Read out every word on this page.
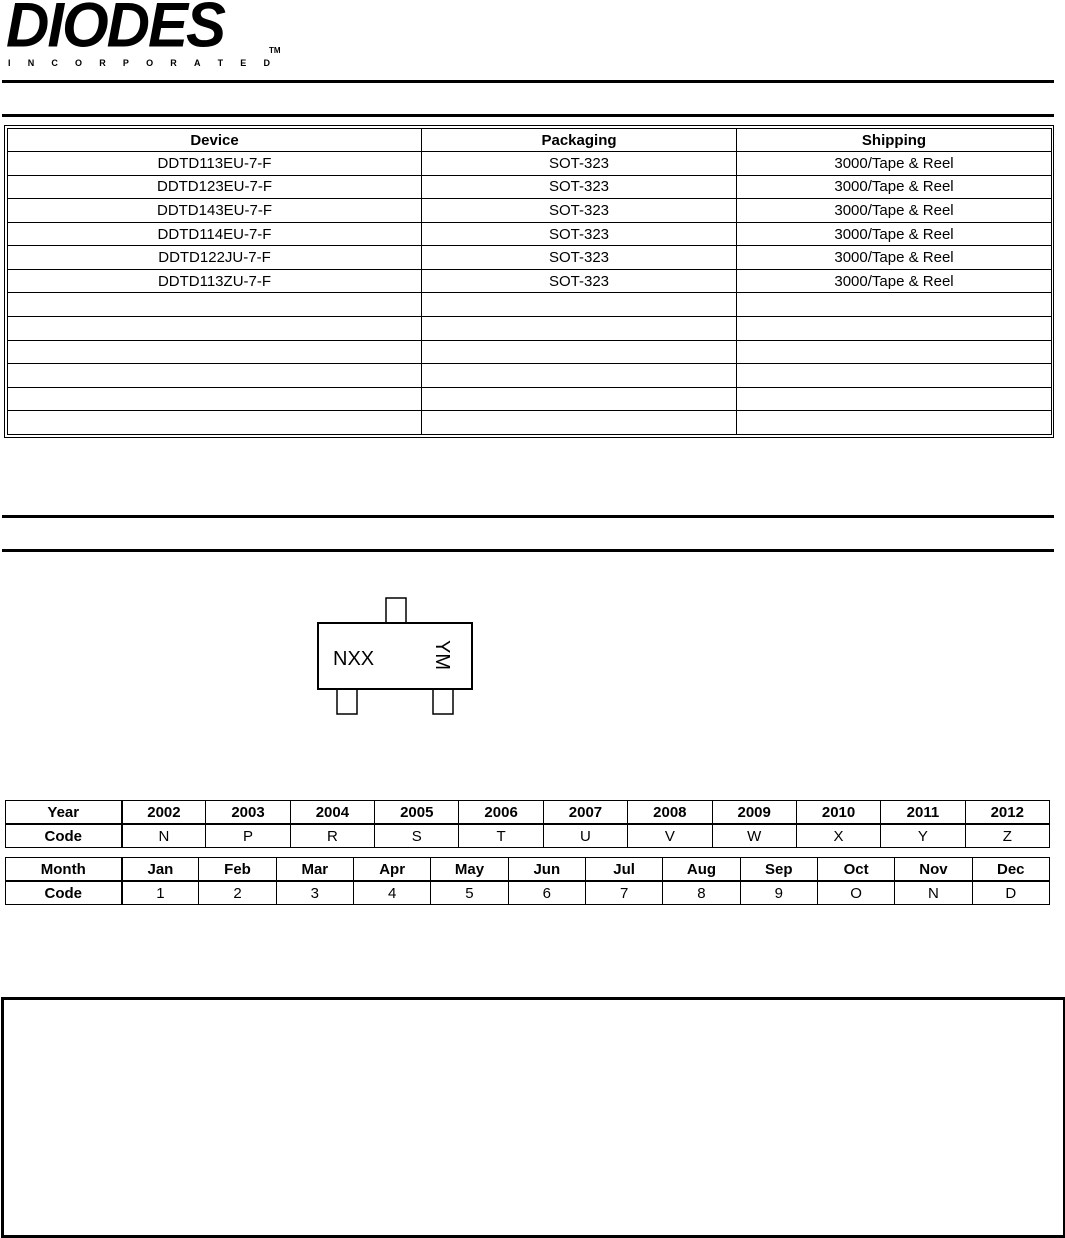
DIODES	TM
I N C O R P O R A T E D
Device	Packaging	Shipping
DDTD113EU-7-F	SOT-323	3000/Tape & Reel
DDTD123EU-7-F	SOT-323	3000/Tape & Reel
DDTD143EU-7-F	SOT-323	3000/Tape & Reel
DDTD114EU-7-F	SOT-323	3000/Tape & Reel
DDTD122JU-7-F	SOT-323	3000/Tape & Reel
DDTD113ZU-7-F	SOT-323	3000/Tape & Reel

NXX	YM
Year	2002	2003	2004	2005	2006	2007	2008	2009	2010	2011	2012
Code	N	P	R	S	T	U	V	W	X	Y	Z
Month	Jan	Feb	Mar	Apr	May	Jun	Jul	Aug	Sep	Oct	Nov	Dec
Code	1	2	3	4	5	6	7	8	9	O	N	D
